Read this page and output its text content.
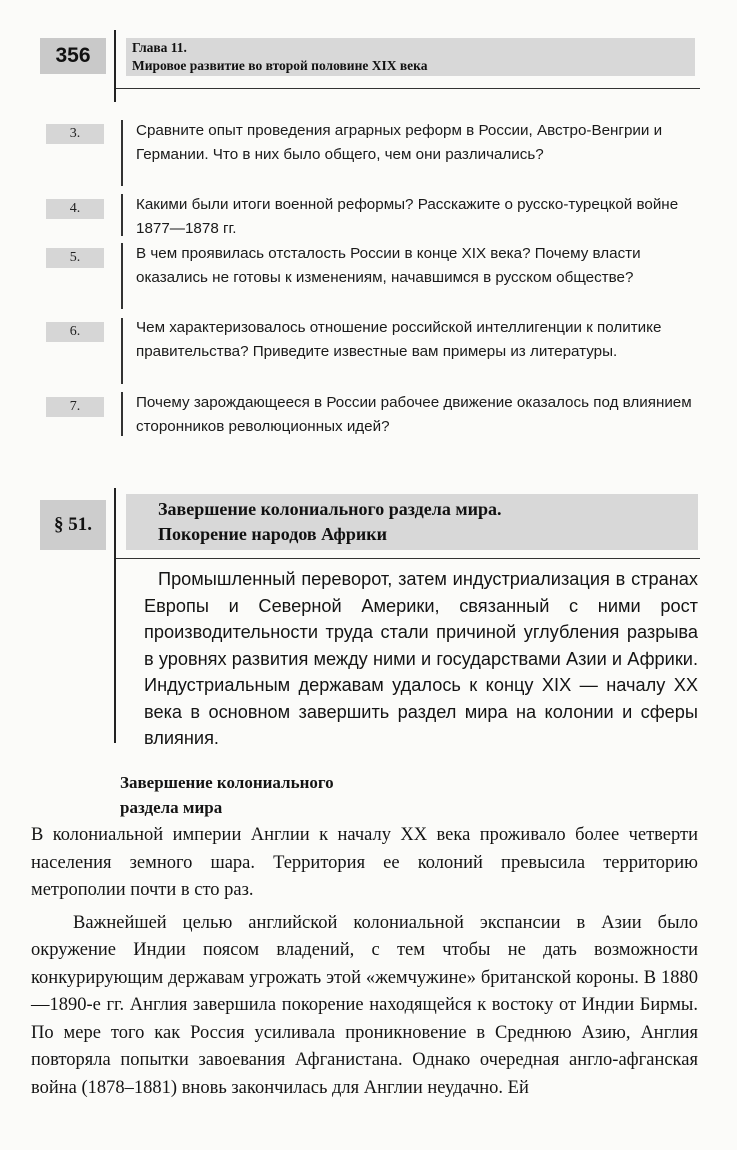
356	Глава 11.
Мировое развитие во второй половине XIX века
3.	Сравните опыт проведения аграрных реформ в России, Австро-Венгрии и Германии. Что в них было общего, чем они различались?
4.	Какими были итоги военной реформы? Расскажите о русско-турецкой войне 1877—1878 гг.
5.	В чем проявилась отсталость России в конце XIX века? Почему власти оказались не готовы к изменениям, начавшимся в русском обществе?
6.	Чем характеризовалось отношение российской интеллигенции к политике правительства? Приведите известные вам примеры из литературы.
7.	Почему зарождающееся в России рабочее движение оказалось под влиянием сторонников революционных идей?
§ 51.
Завершение колониального раздела мира.
Покорение народов Африки

Промышленный переворот, затем индустриализация в странах Европы и Северной Америки, связанный с ними рост производительности труда стали причиной углубления разрыва в уровнях развития между ними и государствами Азии и Африки. Индустриальным державам удалось к концу XIX — началу XX века в основном завершить раздел мира на колонии и сферы влияния.

Завершение колониального
раздела мира

В колониальной империи Англии к началу XX века проживало более четверти населения земного шара. Территория ее колоний превысила территорию метрополии почти в сто раз.

Важнейшей целью английской колониальной экспансии в Азии было окружение Индии поясом владений, с тем чтобы не дать возможности конкурирующим державам угрожать этой «жемчужине» британской короны. В 1880—1890-е гг. Англия завершила покорение находящейся к востоку от Индии Бирмы. По мере того как Россия усиливала проникновение в Среднюю Азию, Англия повторяла попытки завоевания Афганистана. Однако очередная англо-афганская война (1878–1881) вновь закончилась для Англии неудачно. Ей
